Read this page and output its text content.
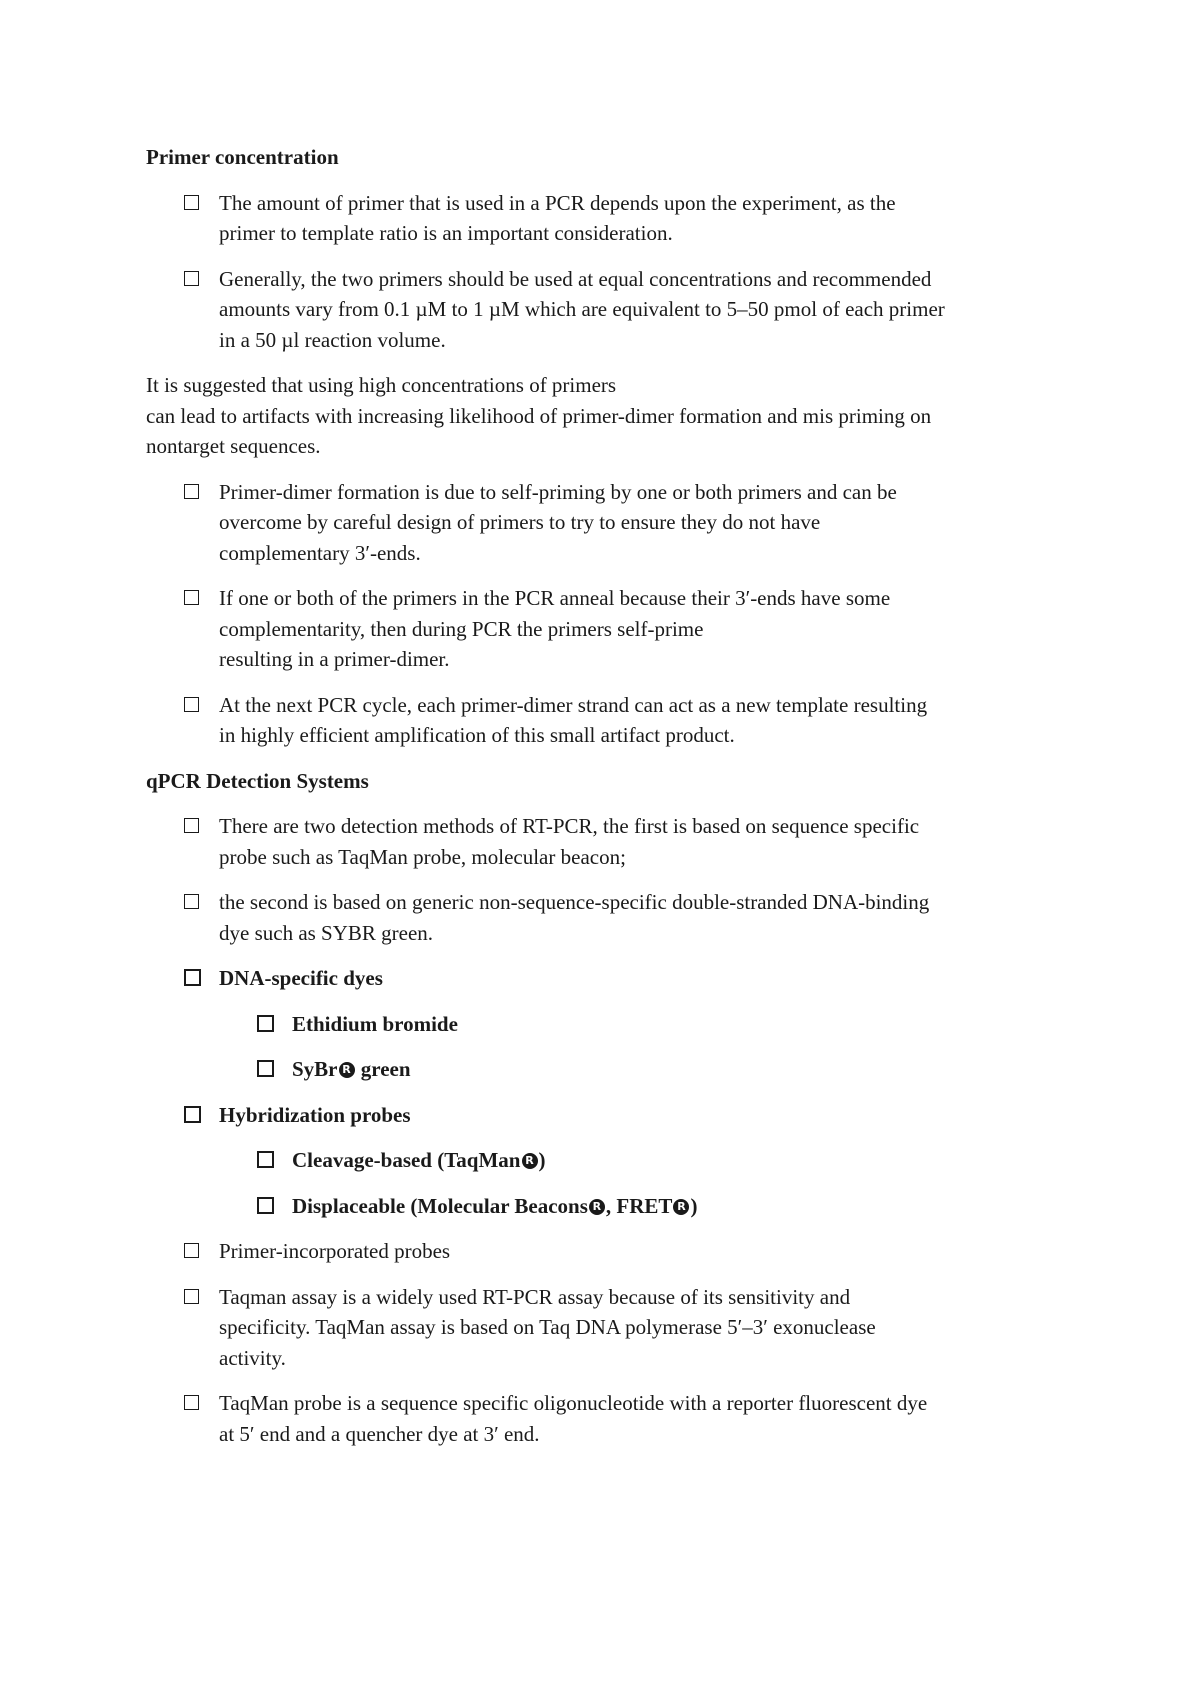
Primer concentration
The amount of primer that is used in a PCR depends upon the experiment, as the
primer to template ratio is an important consideration.
Generally, the two primers should be used at equal concentrations and recommended
amounts vary from 0.1 µM to 1 µM which are equivalent to 5–50 pmol of each primer
in a 50 µl reaction volume.
It is suggested that using high concentrations of primers
can lead to artifacts with increasing likelihood of primer-dimer formation and mis priming on
nontarget sequences.
Primer-dimer formation is due to self-priming by one or both primers and can be
overcome by careful design of primers to try to ensure they do not have
complementary 3′-ends.
If one or both of the primers in the PCR anneal because their 3′-ends have some
complementarity, then during PCR the primers self-prime
resulting in a primer-dimer.
At the next PCR cycle, each primer-dimer strand can act as a new template resulting
in highly efficient amplification of this small artifact product.
qPCR Detection Systems
There are two detection methods of RT-PCR, the first is based on sequence specific
probe such as TaqMan probe, molecular beacon;
the second is based on generic non-sequence-specific double-stranded DNA-binding
dye such as SYBR green.
DNA-specific dyes
Ethidium bromide
SyBr R green
Hybridization probes
Cleavage-based (TaqMan R )
Displaceable (Molecular Beacons R , FRET R )
Primer-incorporated probes
Taqman assay is a widely used RT-PCR assay because of its sensitivity and
specificity. TaqMan assay is based on Taq DNA polymerase 5′–3′ exonuclease
activity.
TaqMan probe is a sequence specific oligonucleotide with a reporter fluorescent dye
at 5′ end and a quencher dye at 3′ end.
